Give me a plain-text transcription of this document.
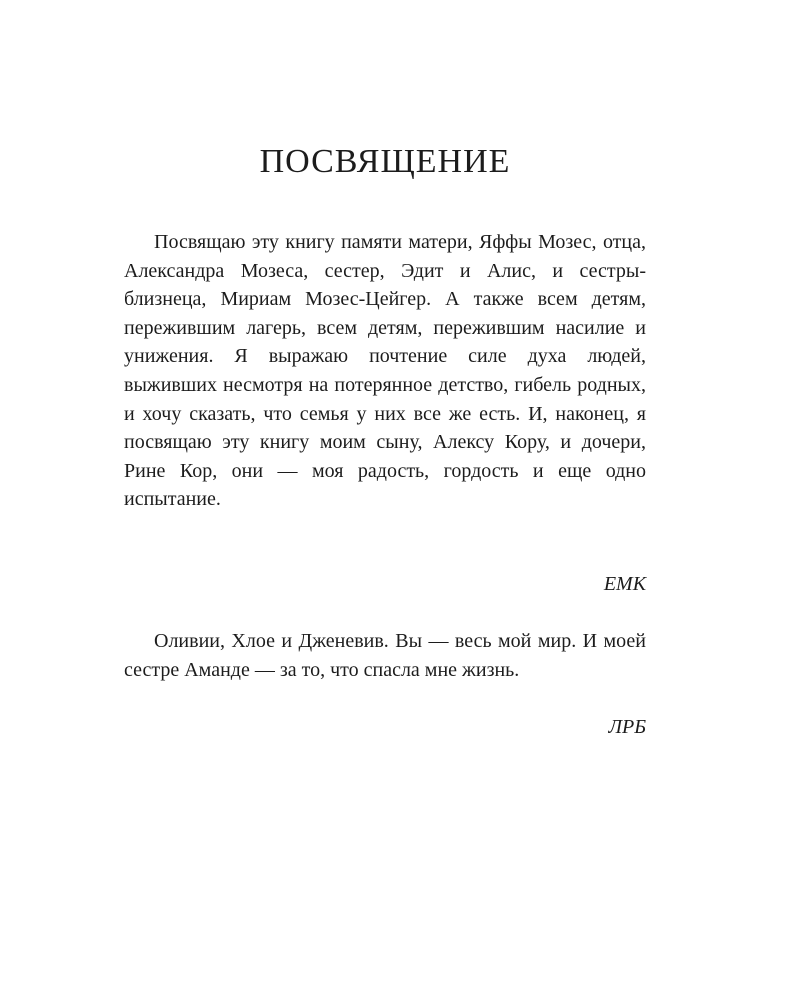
ПОСВЯЩЕНИЕ

Посвящаю эту книгу памяти матери, Яффы Мозес, отца, Александра Мозеса, сестер, Эдит и Алис, и сестры-близнеца, Мириам Мозес-Цейгер. А также всем детям, пережившим лагерь, всем детям, пережившим насилие и унижения. Я выражаю почтение силе духа людей, выживших несмотря на потерянное детство, гибель родных, и хочу сказать, что семья у них все же есть. И, наконец, я посвящаю эту книгу моим сыну, Алексу Кору, и дочери, Рине Кор, они — моя радость, гордость и еще одно испытание.

ЕМК

Оливии, Хлое и Дженевив. Вы — весь мой мир. И моей сестре Аманде — за то, что спасла мне жизнь.

ЛРБ
